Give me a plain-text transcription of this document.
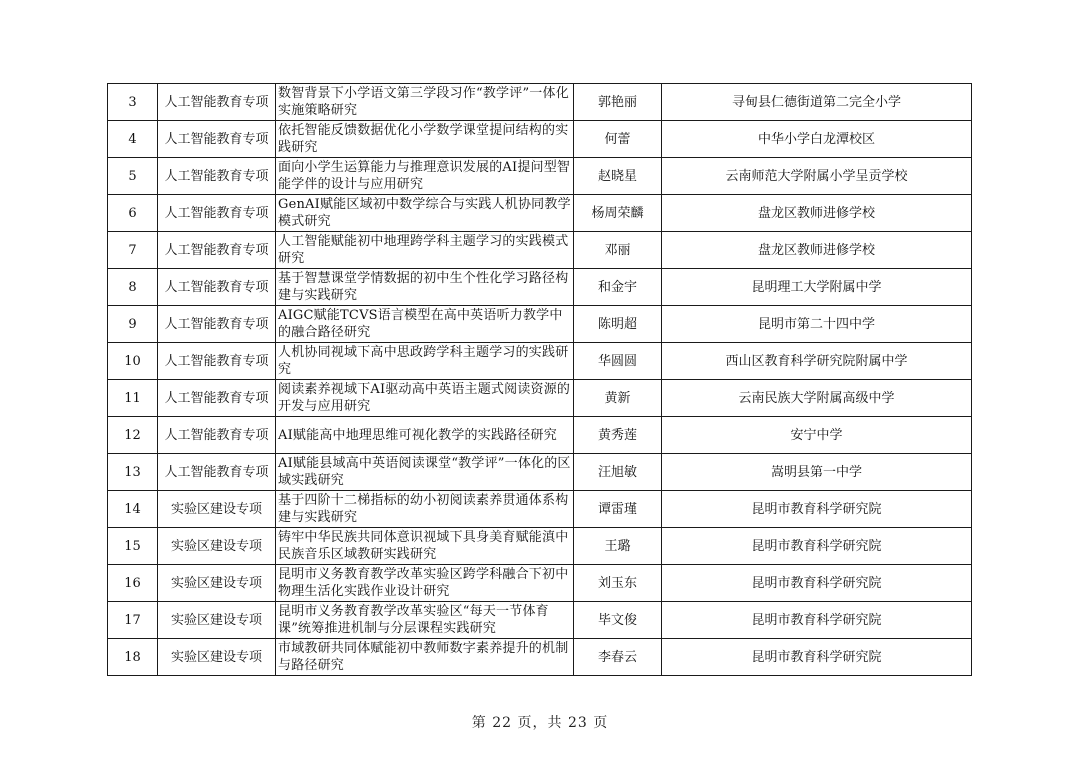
3	人工智能教育专项	数智背景下小学语文第三学段习作“教学评”一体化实施策略研究	郭艳丽	寻甸县仁德街道第二完全小学
4	人工智能教育专项	依托智能反馈数据优化小学数学课堂提问结构的实践研究	何蕾	中华小学白龙潭校区
5	人工智能教育专项	面向小学生运算能力与推理意识发展的AI提问型智能学伴的设计与应用研究	赵晓星	云南师范大学附属小学呈贡学校
6	人工智能教育专项	GenAI赋能区域初中数学综合与实践人机协同教学模式研究	杨周荣麟	盘龙区教师进修学校
7	人工智能教育专项	人工智能赋能初中地理跨学科主题学习的实践模式研究	邓丽	盘龙区教师进修学校
8	人工智能教育专项	基于智慧课堂学情数据的初中生个性化学习路径构建与实践研究	和金宇	昆明理工大学附属中学
9	人工智能教育专项	AIGC赋能TCVS语言模型在高中英语听力教学中的融合路径研究	陈明超	昆明市第二十四中学
10	人工智能教育专项	人机协同视域下高中思政跨学科主题学习的实践研究	华圆圆	西山区教育科学研究院附属中学
11	人工智能教育专项	阅读素养视域下AI驱动高中英语主题式阅读资源的开发与应用研究	黄新	云南民族大学附属高级中学
12	人工智能教育专项	AI赋能高中地理思维可视化教学的实践路径研究	黄秀莲	安宁中学
13	人工智能教育专项	AI赋能县域高中英语阅读课堂“教学评”一体化的区域实践研究	汪旭敏	嵩明县第一中学
14	实验区建设专项	基于四阶十二梯指标的幼小初阅读素养贯通体系构建与实践研究	谭雷瑾	昆明市教育科学研究院
15	实验区建设专项	铸牢中华民族共同体意识视域下具身美育赋能滇中民族音乐区域教研实践研究	王璐	昆明市教育科学研究院
16	实验区建设专项	昆明市义务教育教学改革实验区跨学科融合下初中物理生活化实践作业设计研究	刘玉东	昆明市教育科学研究院
17	实验区建设专项	昆明市义务教育教学改革实验区“每天一节体育课”统筹推进机制与分层课程实践研究	毕文俊	昆明市教育科学研究院
18	实验区建设专项	市域教研共同体赋能初中教师数字素养提升的机制与路径研究	李春云	昆明市教育科学研究院
第 22 页，共 23 页
